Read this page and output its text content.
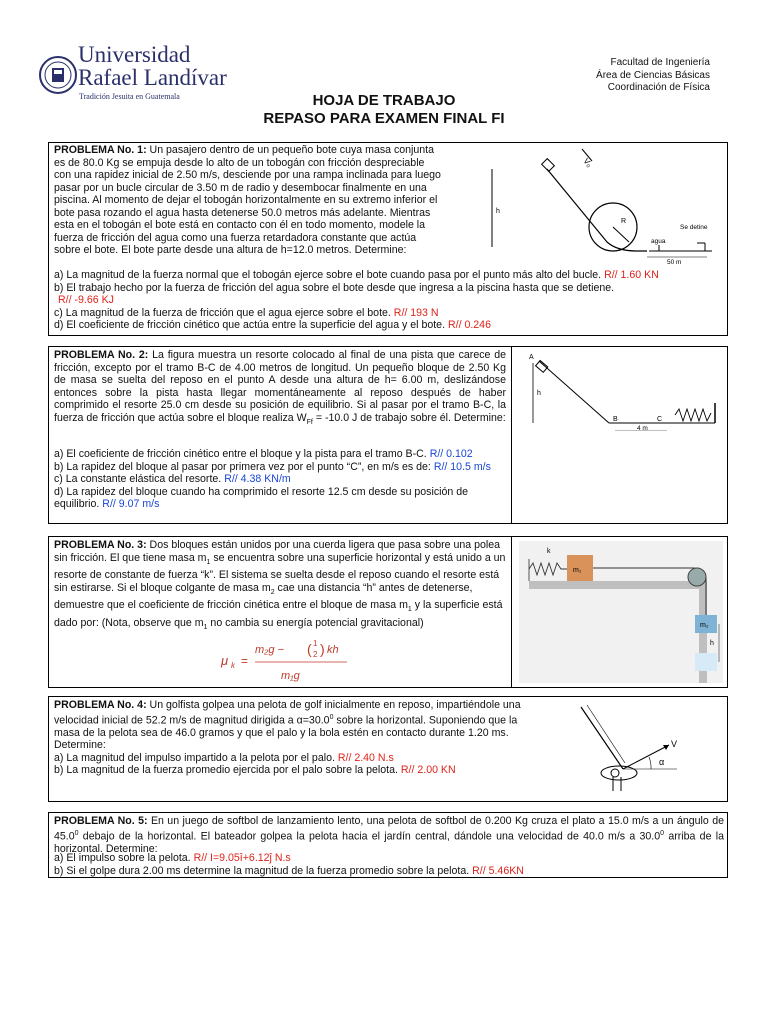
Universidad
Rafael Landívar
Tradición Jesuita en Guatemala
Facultad de Ingeniería
Área de Ciencias Básicas
Coordinación de Física
HOJA DE TRABAJO
REPASO PARA EXAMEN FINAL FI
PROBLEMA No. 1: Un pasajero dentro de un pequeño bote cuya masa conjunta
es de 80.0 Kg se empuja desde lo alto de un tobogán con fricción despreciable
con una rapidez inicial de 2.50 m/s, desciende por una rampa inclinada para luego
pasar por un bucle circular de 3.50 m de radio y desembocar finalmente en una
piscina. Al momento de dejar el tobogán horizontalmente en su extremo inferior el
bote pasa rozando el agua hasta detenerse 50.0 metros más adelante. Mientras
esta en el tobogán el bote está en contacto con él en todo momento, modele la
fuerza de fricción del agua como una fuerza retardadora constante que actúa
sobre el bote. El bote parte desde una altura de h=12.0 metros. Determine:
a) La magnitud de la fuerza normal que el tobogán ejerce sobre el bote cuando pasa por el punto más alto del bucle. R// 1.60 KN
b) El trabajo hecho por la fuerza de fricción del agua sobre el bote desde que ingresa a la piscina hasta que se detiene.
R// -9.66 KJ
c) La magnitud de la fuerza de fricción que el agua ejerce sobre el bote. R// 193 N
d) El coeficiente de fricción cinético que actúa entre la superficie del agua y el bote. R// 0.246
V₀
h
R
Se detine
agua
50 m
PROBLEMA No. 2: La figura muestra un resorte colocado al final de una pista que carece de fricción, excepto por el tramo B-C de 4.00 metros de longitud. Un pequeño bloque de 2.50 Kg de masa se suelta del reposo en el punto A desde una altura de h= 6.00 m, deslizándose entonces sobre la pista hasta llegar momentáneamente al reposo después de haber comprimido el resorte 25.0 cm desde su posición de equilibrio. Si al pasar por el tramo B-C, la fuerza de fricción que actúa sobre el bloque realiza $W_{Ff} = -10.0$ J de trabajo sobre él. Determine:
a) El coeficiente de fricción cinético entre el bloque y la pista para el tramo B-C. R// 0.102
b) La rapidez del bloque al pasar por primera vez por el punto “C”, en m/s es de: R// 10.5 m/s
c) La constante elástica del resorte. R// 4.38 KN/m
d) La rapidez del bloque cuando ha comprimido el resorte 12.5 cm desde su posición de equilibrio. R// 9.07 m/s
A
h
B	C
4 m
PROBLEMA No. 3: Dos bloques están unidos por una cuerda ligera que pasa sobre una polea sin fricción. El que tiene masa $m_1$ se encuentra sobre una superficie horizontal y está unido a un resorte de constante de fuerza “k”. El sistema se suelta desde el reposo cuando el resorte está sin estirarse. Si el bloque colgante de masa $m_2$ cae una distancia “h” antes de detenerse, demuestre que el coeficiente de fricción cinética entre el bloque de masa $m_1$ y la superficie está dado por: (Nota, observe que $m_1$ no cambia su energía potencial gravitacional)
μ k =
m₂g −
1
2 kh
m₁g
( )
m₁
k
m₂
h
PROBLEMA No. 4: Un golfista golpea una pelota de golf inicialmente en reposo, impartiéndole una
velocidad inicial de 52.2 m/s de magnitud dirigida a $\alpha=30.0^0$ sobre la horizontal. Suponiendo que la
masa de la pelota sea de 46.0 gramos y que el palo y la bola estén en contacto durante 1.20 ms.
Determine:
a) La magnitud del impulso impartido a la pelota por el palo. R// 2.40 N.s
b) La magnitud de la fuerza promedio ejercida por el palo sobre la pelota. R// 2.00 KN
V
α
PROBLEMA No. 5: En un juego de softbol de lanzamiento lento, una pelota de softbol de 0.200 Kg cruza el plato a 15.0 m/s a un ángulo de 45.0$^0$ debajo de la horizontal. El bateador golpea la pelota hacia el jardín central, dándole una velocidad de 40.0 m/s a 30.0$^0$ arriba de la horizontal. Determine:
a) El impulso sobre la pelota. R// I=9.05î+6.12ĵ N.s
b) Si el golpe dura 2.00 ms determine la magnitud de la fuerza promedio sobre la pelota. R// 5.46KN
